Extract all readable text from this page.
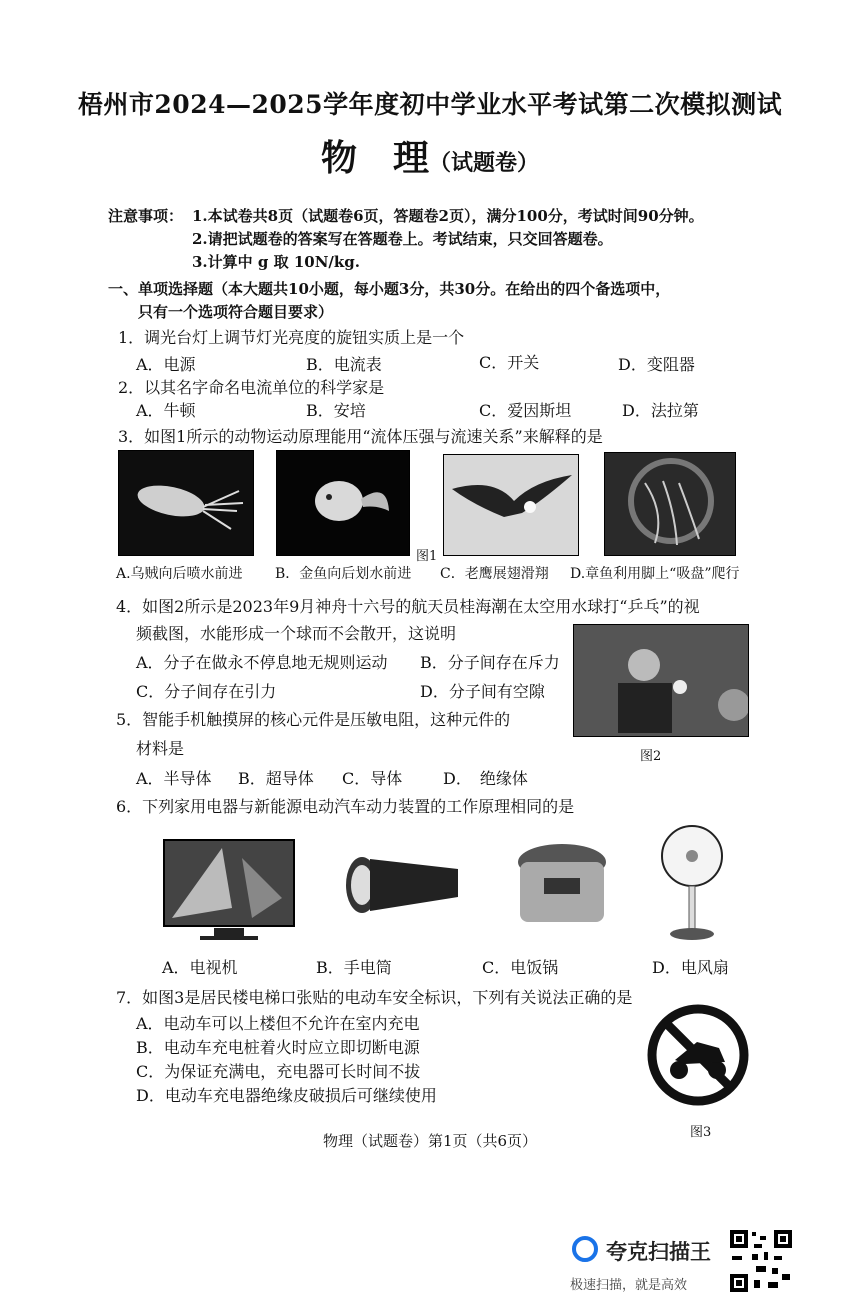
梧州市2024—2025学年度初中学业水平考试第二次模拟测试
物　理（试题卷）
注意事项： 1.本试卷共8页（试题卷6页，答题卷2页），满分100分，考试时间90分钟。
2.请把试题卷的答案写在答题卷上。考试结束，只交回答题卷。
3.计算中 g 取 10N/kg.
一、单项选择题（本大题共10小题，每小题3分，共30分。在给出的四个备选项中，
只有一个选项符合题目要求）
1．调光台灯上调节灯光亮度的旋钮实质上是一个
A．电源	B．电流表	C．开关	D．变阻器
2．以其名字命名电流单位的科学家是
A．牛顿	B．安培	C．爱因斯坦	D．法拉第
3．如图1所示的动物运动原理能用“流体压强与流速关系”来解释的是
图1
A.乌贼向后喷水前进 B．金鱼向后划水前进 C．老鹰展翅滑翔 D.章鱼利用脚上“吸盘”爬行
4．如图2所示是2023年9月神舟十六号的航天员桂海潮在太空用水球打“乒乓”的视
频截图，水能形成一个球而不会散开，这说明
A．分子在做永不停息地无规则运动 B．分子间存在斥力
C．分子间存在引力	D．分子间有空隙
图2
5．智能手机触摸屏的核心元件是压敏电阻，这种元件的
材料是
A．半导体 B．超导体 C．导体	D．　绝缘体
6．下列家用电器与新能源电动汽车动力装置的工作原理相同的是
A．电视机	B．手电筒	C．电饭锅	D．电风扇
7．如图3是居民楼电梯口张贴的电动车安全标识，下列有关说法正确的是
A．电动车可以上楼但不允许在室内充电
B．电动车充电桩着火时应立即切断电源
C．为保证充满电，充电器可长时间不拔
D．电动车充电器绝缘皮破损后可继续使用
图3
物理（试题卷）第1页（共6页）
夸克扫描王
极速扫描，就是高效
